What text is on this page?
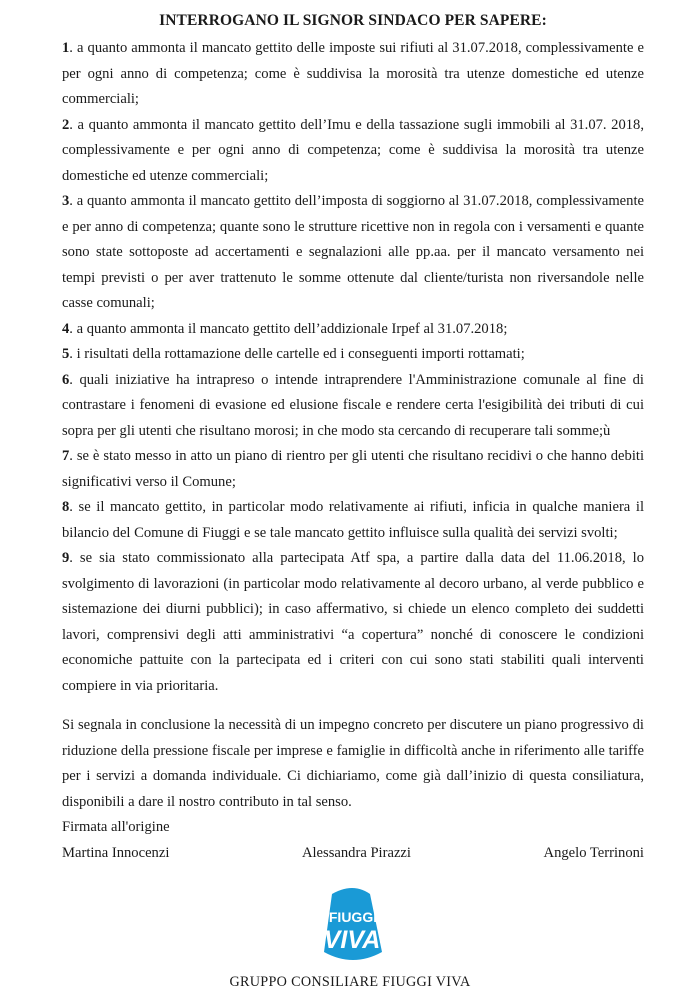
INTERROGANO IL SIGNOR SINDACO PER SAPERE:
1. a quanto ammonta il mancato gettito delle imposte sui rifiuti al 31.07.2018, complessivamente e per ogni anno di competenza; come è suddivisa la morosità tra utenze domestiche ed utenze commerciali;
2. a quanto ammonta il mancato gettito dell’Imu e della tassazione sugli immobili al 31.07. 2018, complessivamente e per ogni anno di competenza; come è suddivisa la morosità tra utenze domestiche ed utenze commerciali;
3. a quanto ammonta il mancato gettito dell’imposta di soggiorno al 31.07.2018, complessivamente e per anno di competenza; quante sono le strutture ricettive non in regola con i versamenti e quante sono state sottoposte ad accertamenti e segnalazioni alle pp.aa. per il mancato versamento nei tempi previsti o per aver trattenuto le somme ottenute dal cliente/turista non riversandole nelle casse comunali;
4. a quanto ammonta il mancato gettito dell’addizionale Irpef al 31.07.2018;
5. i risultati della rottamazione delle cartelle ed i conseguenti importi rottamati;
6. quali iniziative ha intrapreso o intende intraprendere l'Amministrazione comunale al fine di contrastare i fenomeni di evasione ed elusione fiscale e rendere certa l'esigibilità dei tributi di cui sopra per gli utenti che risultano morosi; in che modo sta cercando di recuperare tali somme;ù
7. se è stato messo in atto un piano di rientro per gli utenti che risultano recidivi o che hanno debiti significativi verso il Comune;
8. se il mancato gettito, in particolar modo relativamente ai rifiuti, inficia in qualche maniera il bilancio del Comune di Fiuggi e se tale mancato gettito influisce sulla qualità dei servizi svolti;
9. se sia stato commissionato alla partecipata Atf spa, a partire dalla data del 11.06.2018, lo svolgimento di lavorazioni (in particolar modo relativamente al decoro urbano, al verde pubblico e sistemazione dei diurni pubblici); in caso affermativo, si chiede un elenco completo dei suddetti lavori, comprensivi degli atti amministrativi “a copertura” nonché di conoscere le condizioni economiche pattuite con la partecipata ed i criteri con cui sono stati stabiliti quali interventi compiere in via prioritaria.

Si segnala in conclusione la necessità di un impegno concreto per discutere un piano progressivo di riduzione della pressione fiscale per imprese e famiglie in difficoltà anche in riferimento alle tariffe per i servizi a domanda individuale. Ci dichiariamo, come già dall’inizio di questa consiliatura, disponibili a dare il nostro contributo in tal senso.

Firmata all'origine

Martina Innocenzi	Alessandra Pirazzi	Angelo Terrinoni
FIUGGI
VIVA
GRUPPO CONSILIARE FIUGGI VIVA
